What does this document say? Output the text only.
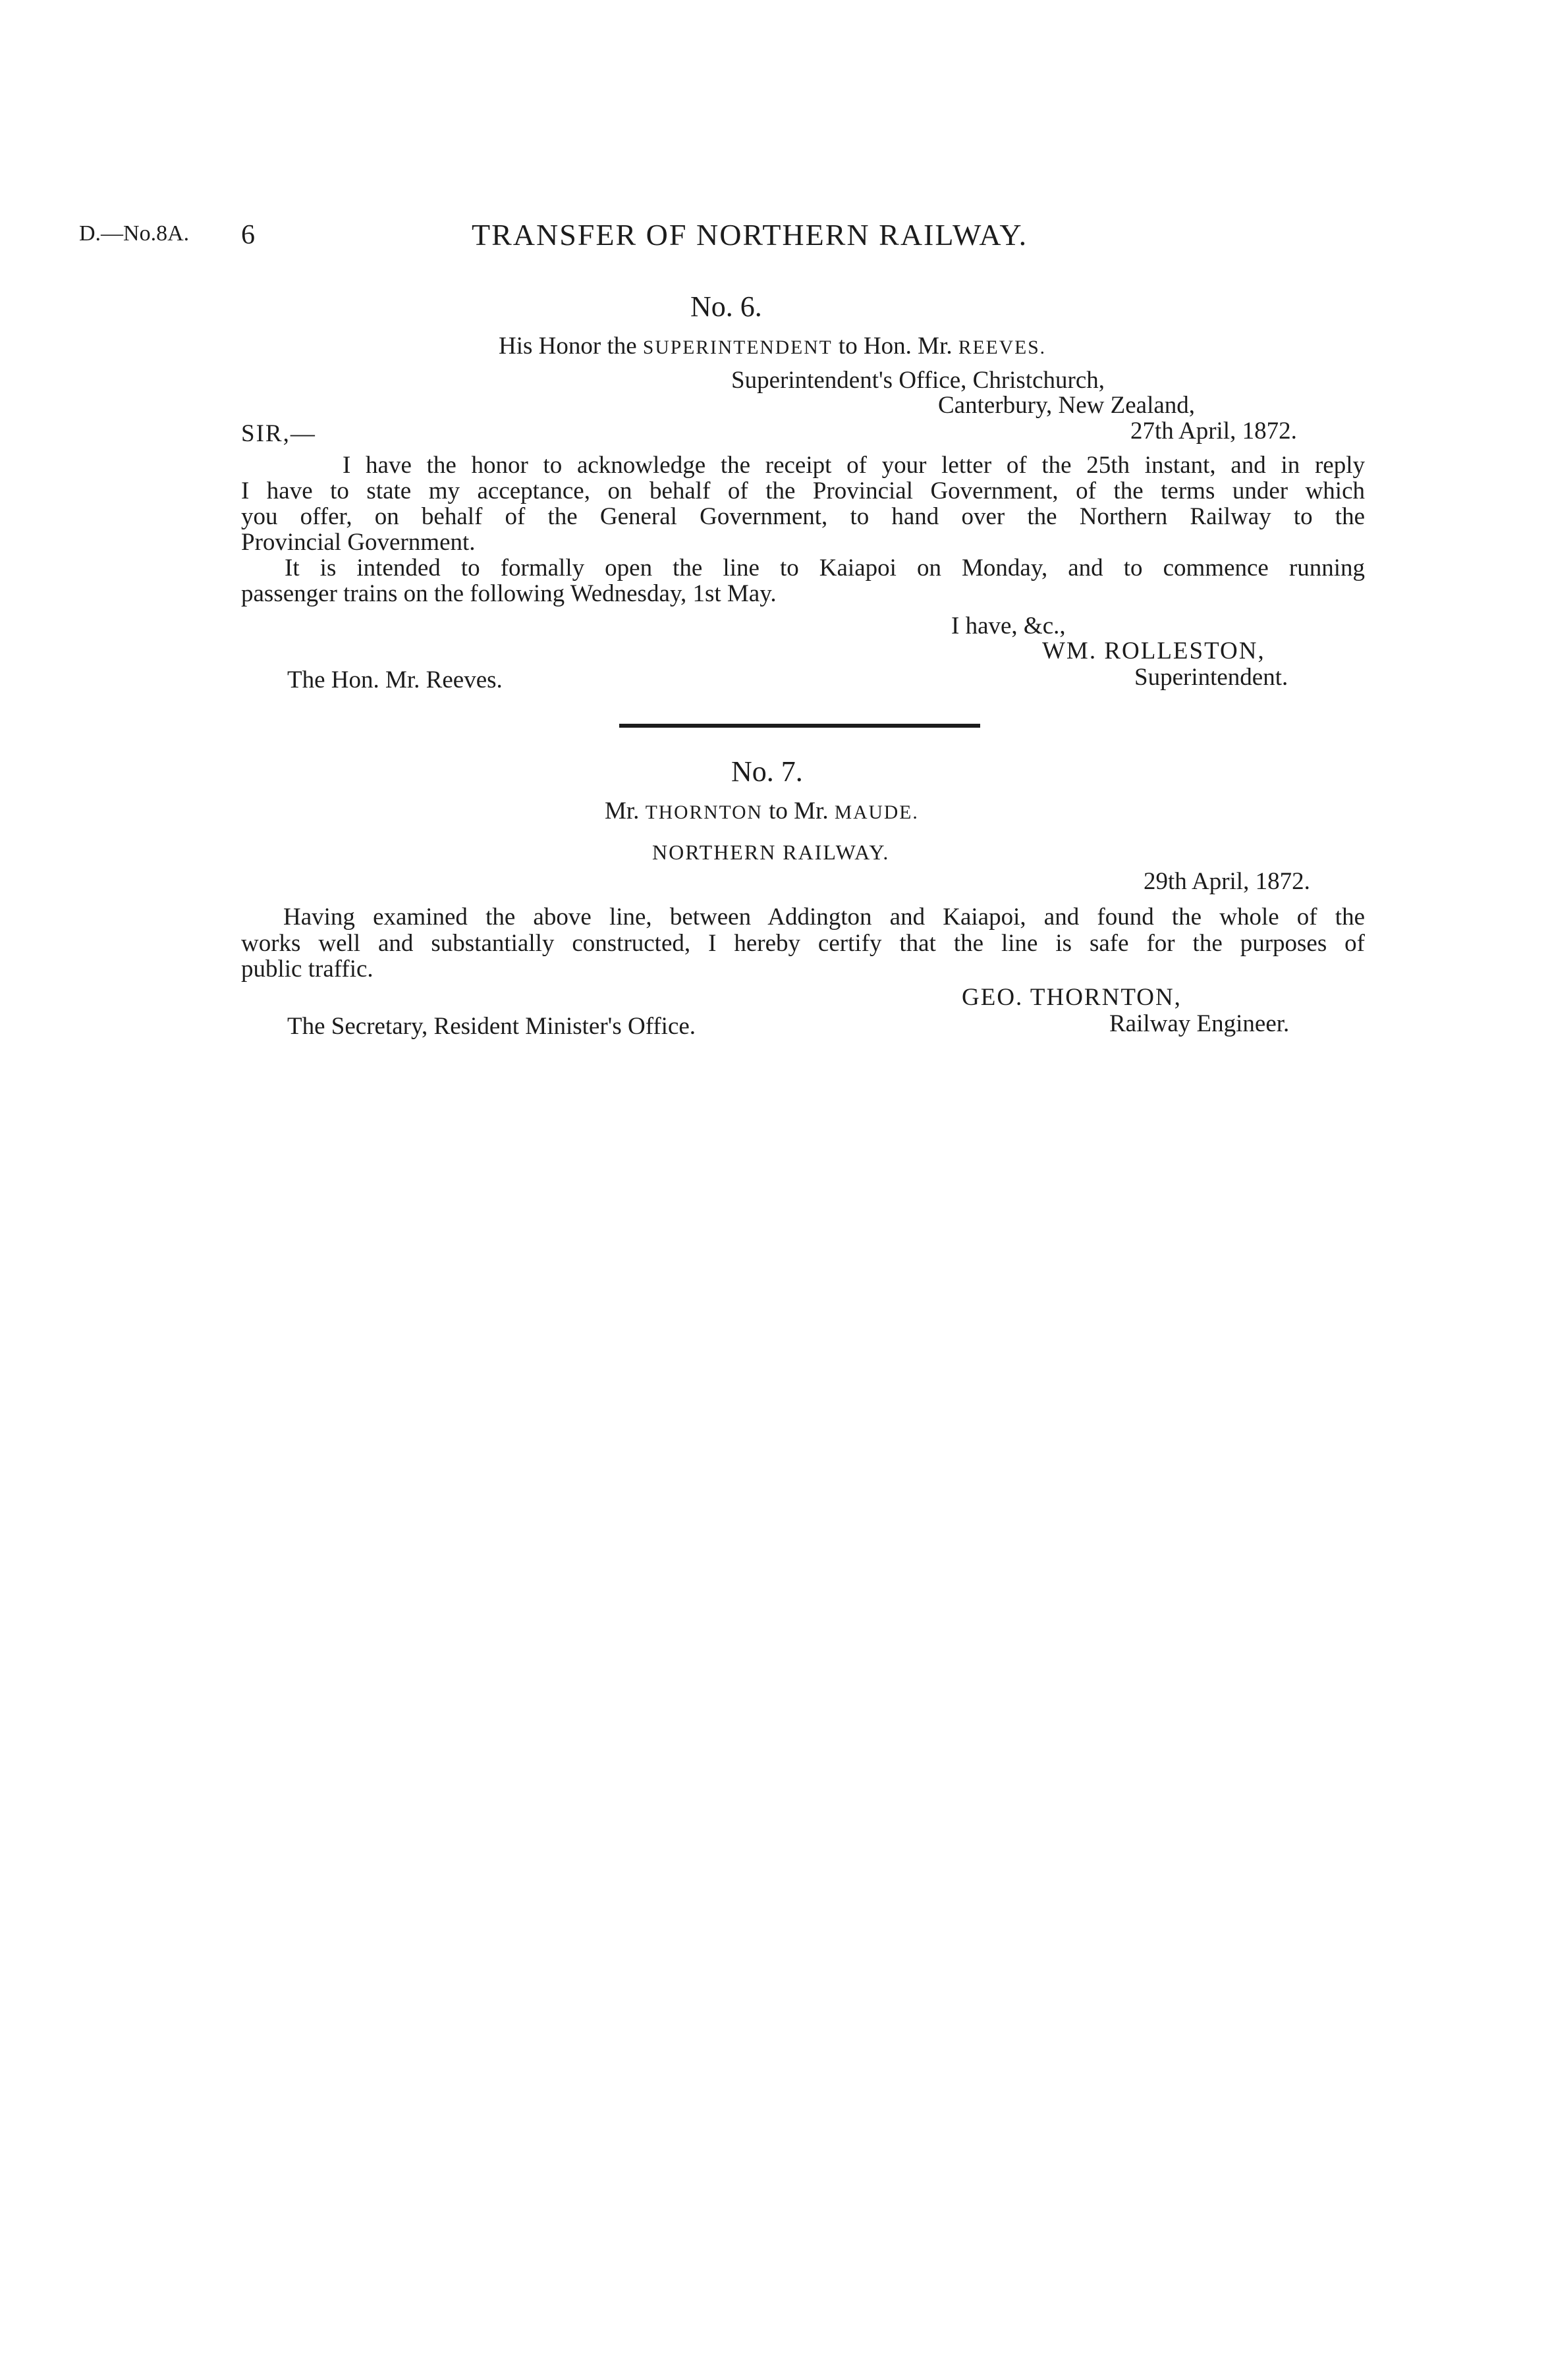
D.—No.8A. 6	TRANSFER OF NORTHERN RAILWAY.
No. 6.
His Honor the SUPERINTENDENT to Hon. Mr. REEVES.
Superintendent's Office, Christchurch,
Canterbury, New Zealand,
SIR,—	27th April, 1872.
I have the honor to acknowledge the receipt of your letter of the 25th instant, and in reply
I have to state my acceptance, on behalf of the Provincial Government, of the terms under which
you offer, on behalf of the General Government, to hand over the Northern Railway to the
Provincial Government.
It is intended to formally open the line to Kaiapoi on Monday, and to commence running
passenger trains on the following Wednesday, 1st May.
I have, &c.,
WM. ROLLESTON,
The Hon. Mr. Reeves.	Superintendent.
No. 7.
Mr. THORNTON to Mr. MAUDE.
NORTHERN RAILWAY.
29th April, 1872.
Having examined the above line, between Addington and Kaiapoi, and found the whole of the
works well and substantially constructed, I hereby certify that the line is safe for the purposes of
public traffic.
GEO. THORNTON,
The Secretary, Resident Minister's Office.	Railway Engineer.
